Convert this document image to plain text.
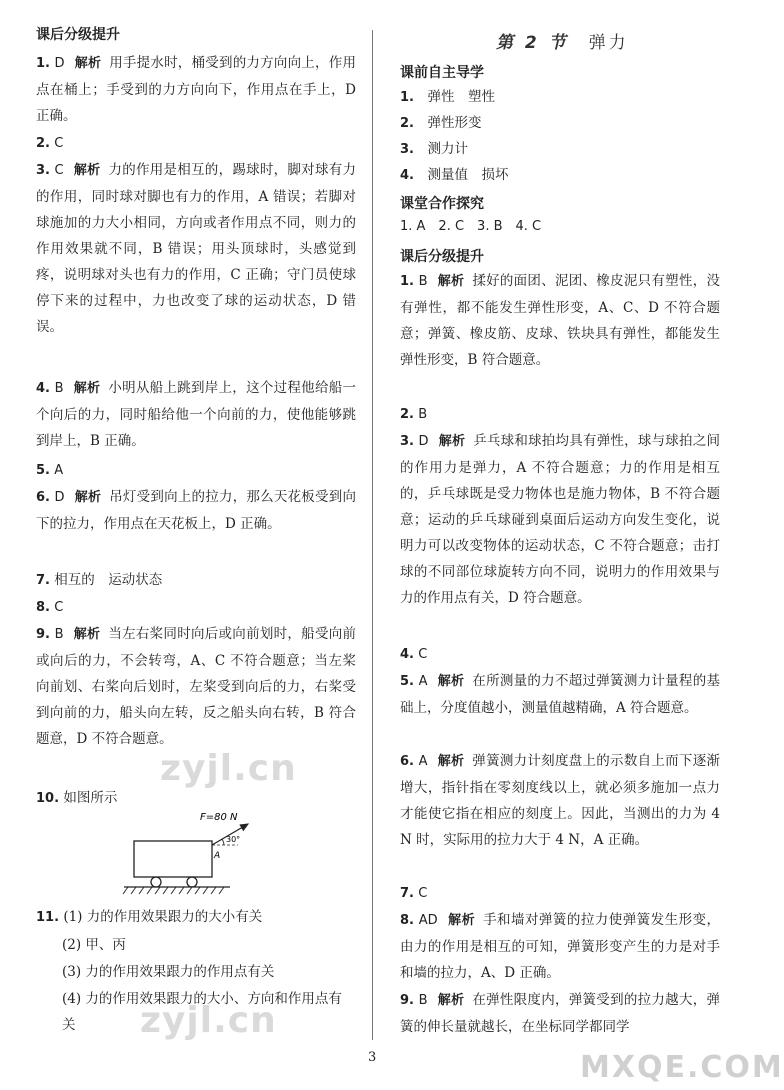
课后分级提升
1. D 解析 用手提水时，桶受到的力方向向上，作用点在桶上；手受到的力方向向下，作用点在手上，D 正确。
2. C
3. C 解析 力的作用是相互的，踢球时，脚对球有力的作用，同时球对脚也有力的作用，A 错误；若脚对球施加的力大小相同，方向或者作用点不同，则力的作用效果就不同，B 错误；用头顶球时，头感觉到疼，说明球对头也有力的作用，C 正确；守门员使球停下来的过程中，力也改变了球的运动状态，D 错误。
4. B 解析 小明从船上跳到岸上，这个过程他给船一个向后的力，同时船给他一个向前的力，使他能够跳到岸上，B 正确。
5. A
6. D 解析 吊灯受到向上的拉力，那么天花板受到向下的拉力，作用点在天花板上，D 正确。
7. 相互的　运动状态
8. C
9. B 解析 当左右桨同时向后或向前划时，船受向前或向后的力，不会转弯，A、C 不符合题意；当左桨向前划、右桨向后划时，左桨受到向后的力，右桨受到向前的力，船头向左转，反之船头向右转，B 符合题意，D 不符合题意。
10. 如图所示
F=80 N
30°
A
11. (1) 力的作用效果跟力的大小有关
(2) 甲、丙
(3) 力的作用效果跟力的作用点有关
(4) 力的作用效果跟力的大小、方向和作用点有关
第 2 节　 弹力
课前自主导学
1.　 弹性　塑性
2.　 弹性形变
3.　 测力计
4.　 测量值　损坏
课堂合作探究
1. A　2. C　3. B　4. C
课后分级提升
1. B 解析 揉好的面团、泥团、橡皮泥只有塑性，没有弹性，都不能发生弹性形变，A、C、D 不符合题意；弹簧、橡皮筋、皮球、铁块具有弹性，都能发生弹性形变，B 符合题意。
2. B
3. D 解析 乒乓球和球拍均具有弹性，球与球拍之间的作用力是弹力，A 不符合题意；力的作用是相互的，乒乓球既是受力物体也是施力物体，B 不符合题意；运动的乒乓球碰到桌面后运动方向发生变化，说明力可以改变物体的运动状态，C 不符合题意；击打球的不同部位球旋转方向不同，说明力的作用效果与力的作用点有关，D 符合题意。
4. C
5. A 解析 在所测量的力不超过弹簧测力计量程的基础上，分度值越小，测量值越精确，A 符合题意。
6. A 解析 弹簧测力计刻度盘上的示数自上而下逐渐增大，指针指在零刻度线以上，就必须多施加一点力才能使它指在相应的刻度上。因此，当测出的力为 4 N 时，实际用的拉力大于 4 N，A 正确。
7. C
8. AD 解析 手和墙对弹簧的拉力使弹簧发生形变，由力的作用是相互的可知，弹簧形变产生的力是对手和墙的拉力，A、D 正确。
9. B 解析 在弹性限度内，弹簧受到的拉力越大，弹簧的伸长量就越长，在坐标同学都同学
zyjl.cn
zyjl.cn
MXQE.COM
3
